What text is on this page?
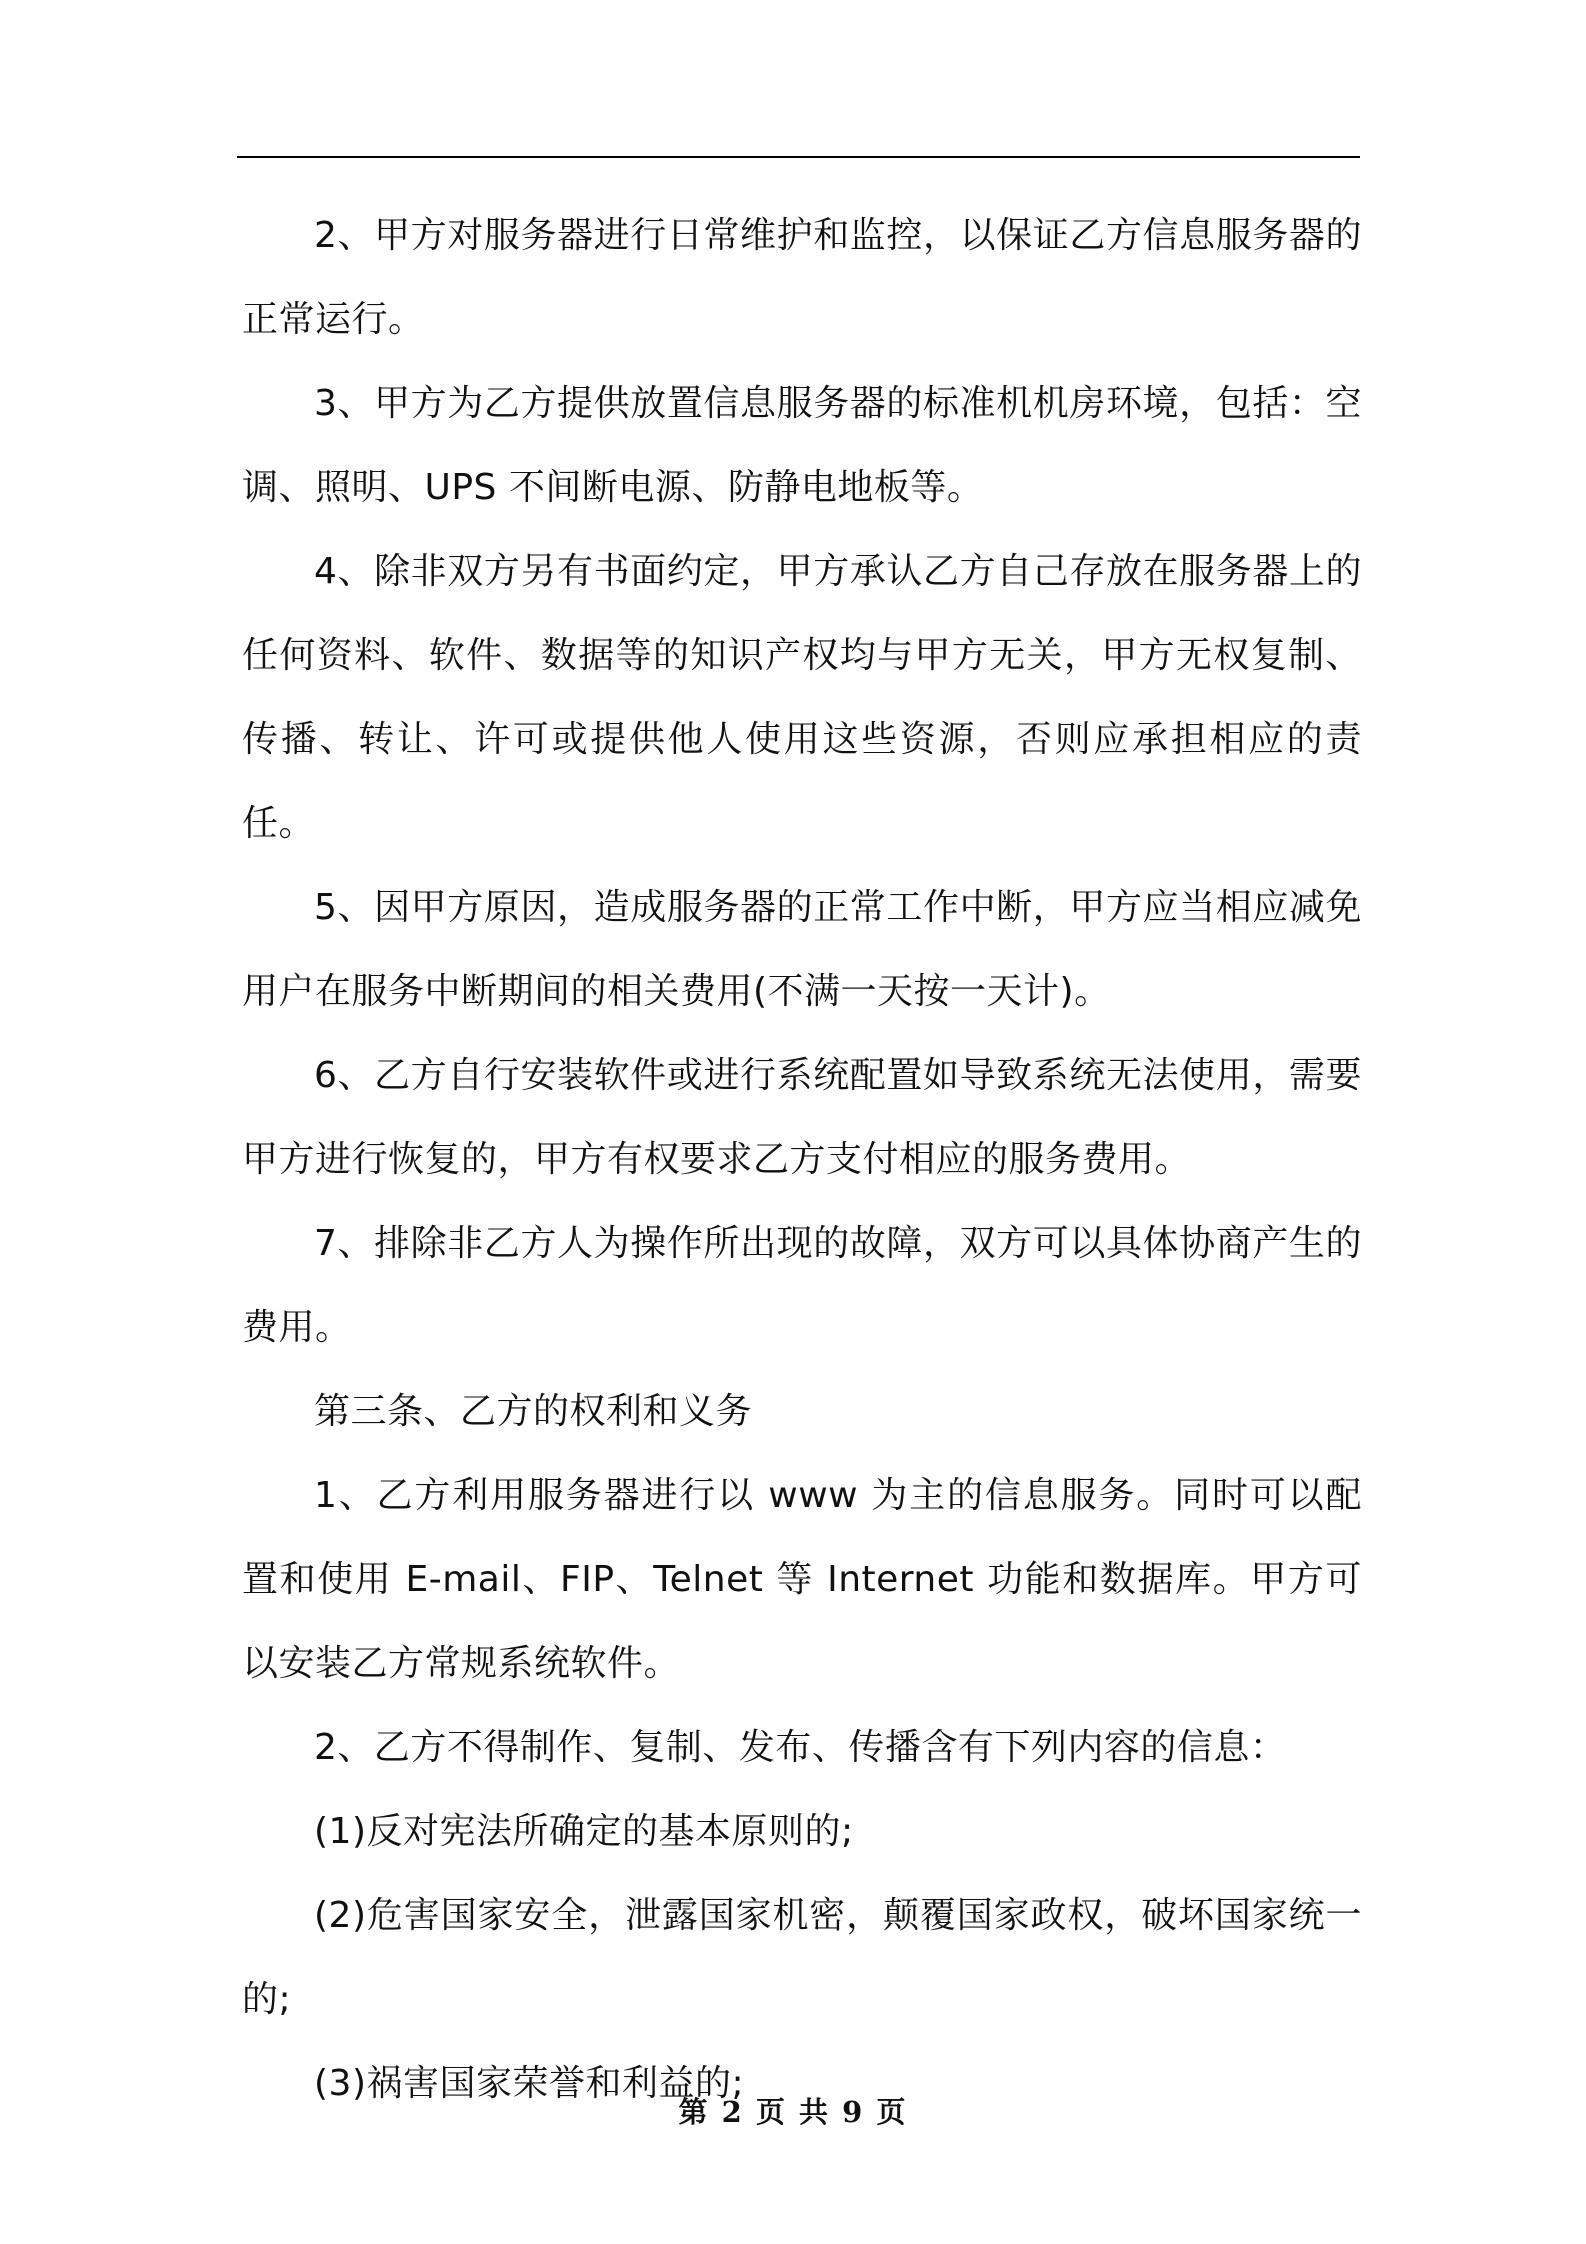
2、甲方对服务器进行日常维护和监控，以保证乙方信息服务器的正常运行。

3、甲方为乙方提供放置信息服务器的标准机机房环境，包括：空调、照明、UPS 不间断电源、防静电地板等。

4、除非双方另有书面约定，甲方承认乙方自己存放在服务器上的任何资料、软件、数据等的知识产权均与甲方无关，甲方无权复制、传播、转让、许可或提供他人使用这些资源，否则应承担相应的责任。

5、因甲方原因，造成服务器的正常工作中断，甲方应当相应减免用户在服务中断期间的相关费用(不满一天按一天计)。

6、乙方自行安装软件或进行系统配置如导致系统无法使用，需要甲方进行恢复的，甲方有权要求乙方支付相应的服务费用。

7、排除非乙方人为操作所出现的故障，双方可以具体协商产生的费用。

第三条、乙方的权利和义务

1、乙方利用服务器进行以 www 为主的信息服务。同时可以配置和使用 E-mail、FIP、Telnet 等 Internet 功能和数据库。甲方可以安装乙方常规系统软件。

2、乙方不得制作、复制、发布、传播含有下列内容的信息：

(1)反对宪法所确定的基本原则的;

(2)危害国家安全，泄露国家机密，颠覆国家政权，破坏国家统一的;

(3)祸害国家荣誉和利益的;

第 2 页 共 9 页
